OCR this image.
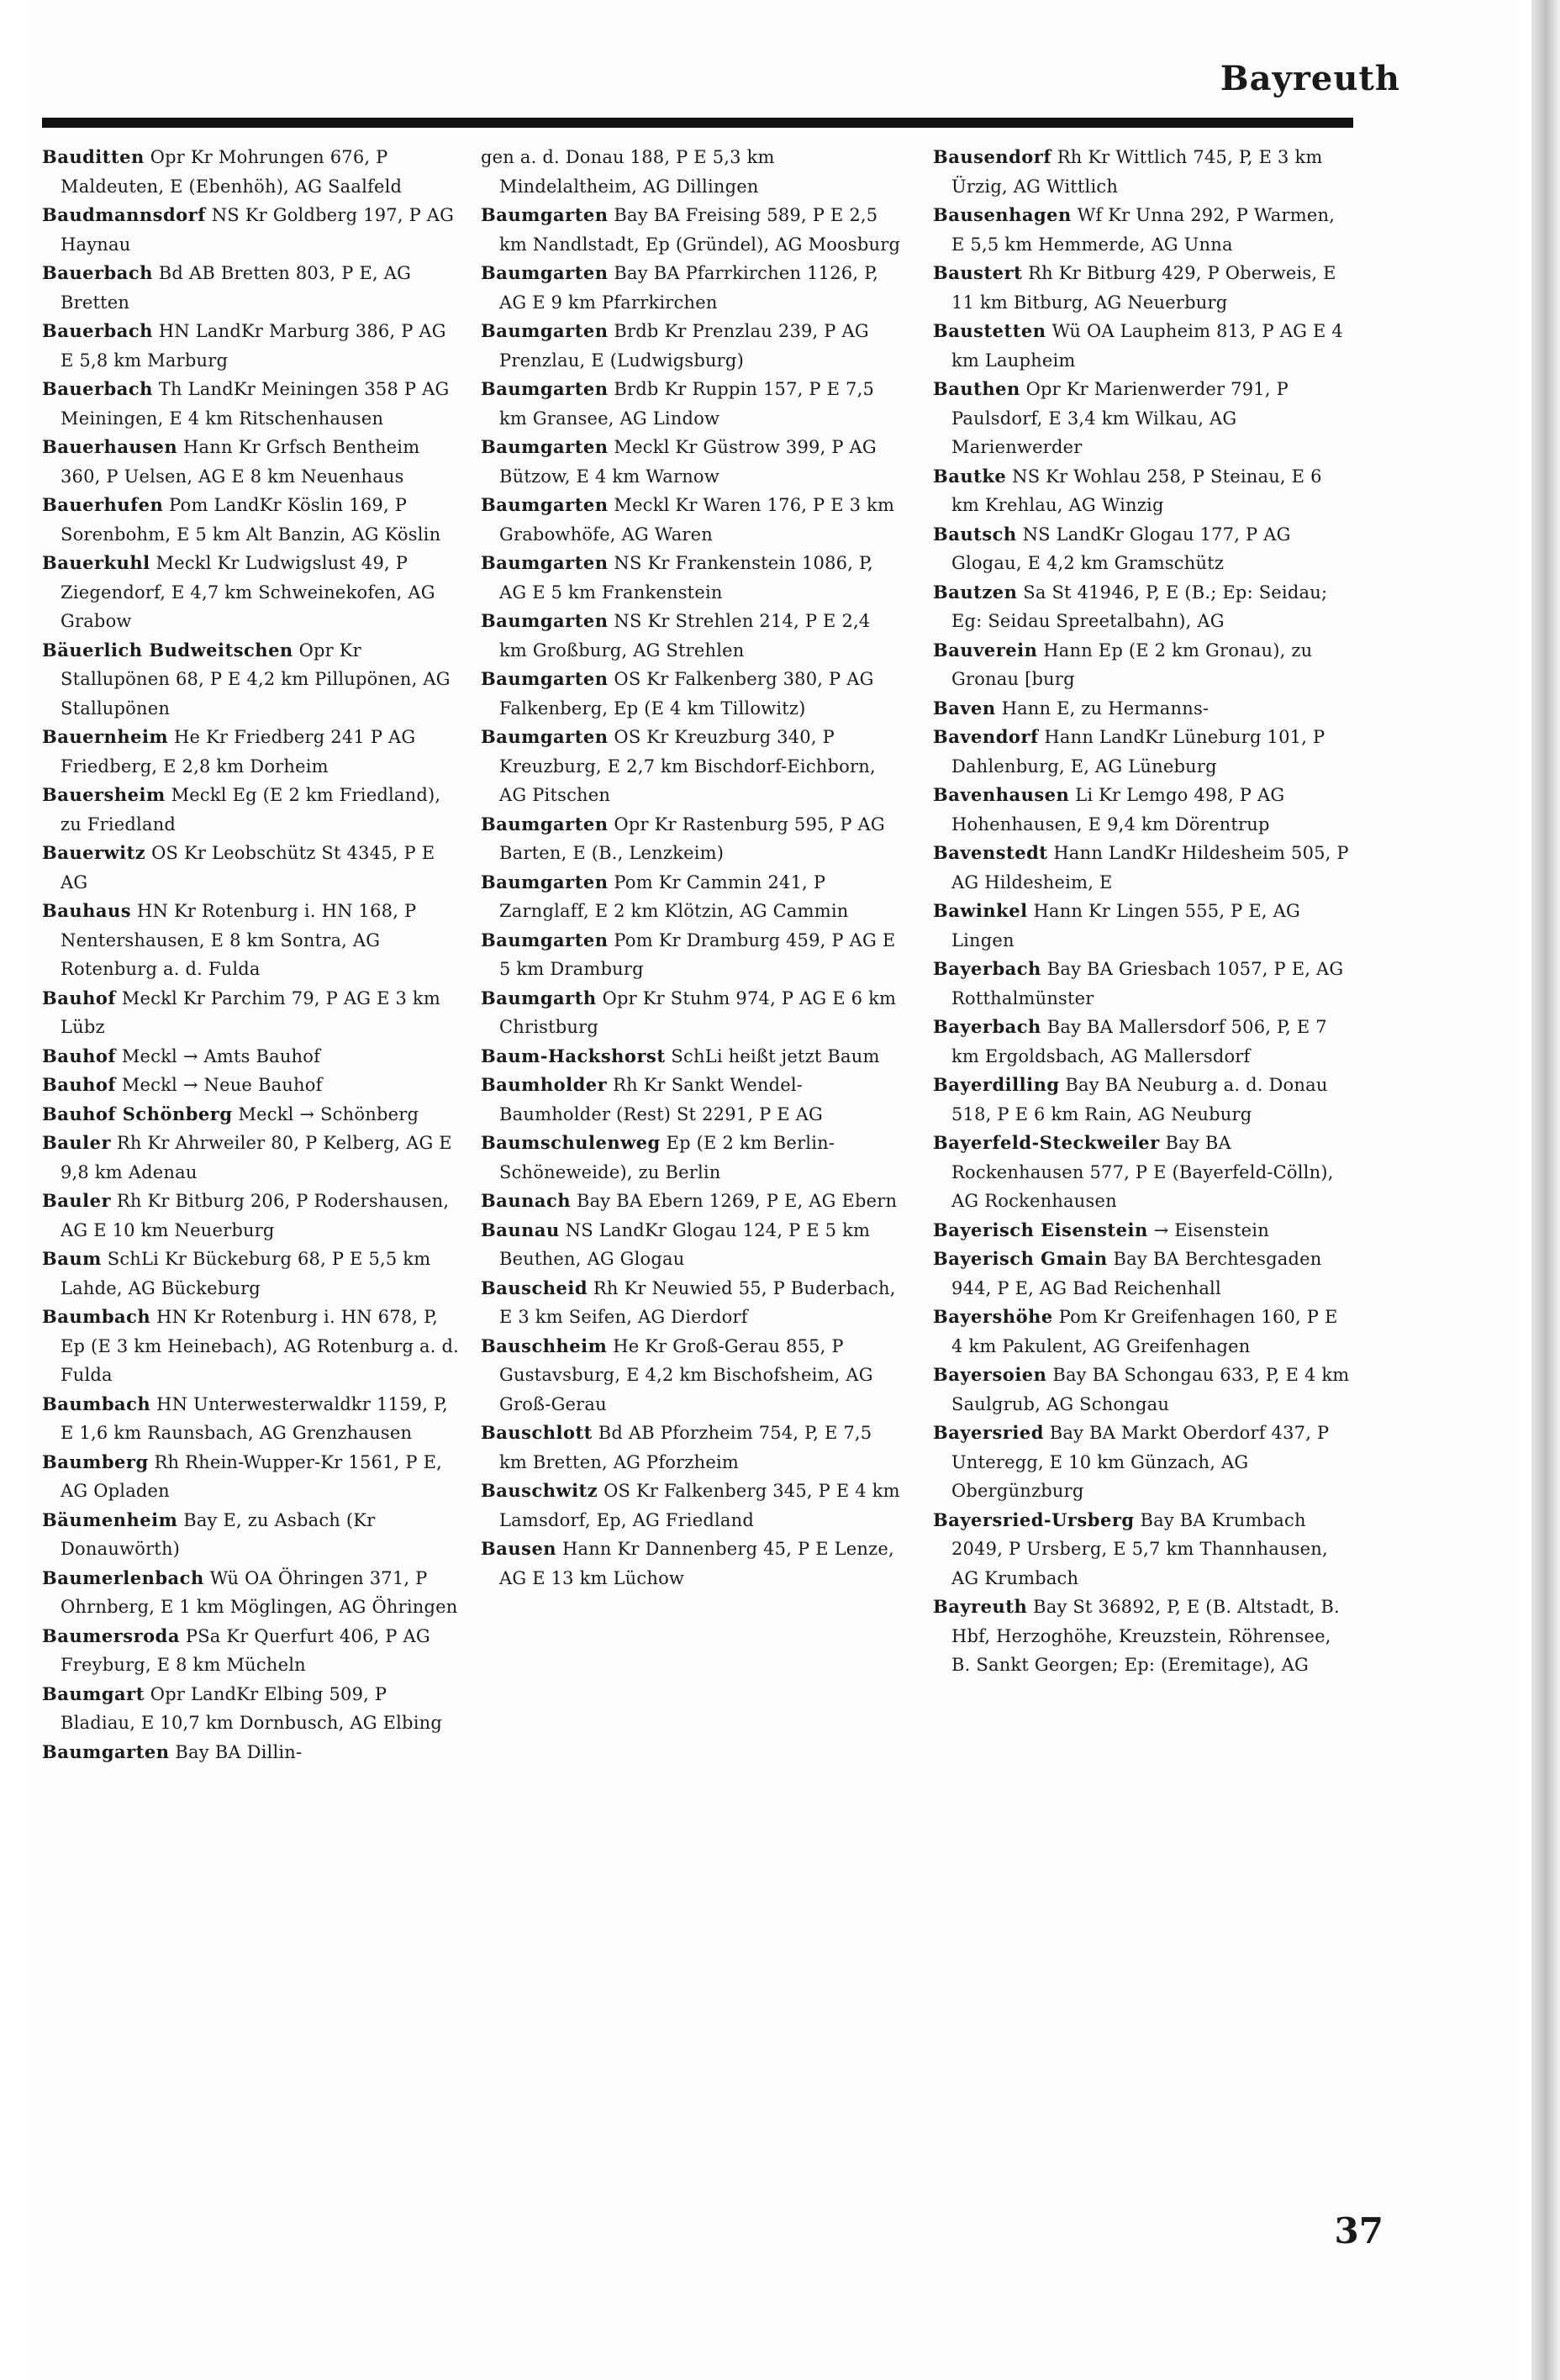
Bayreuth

Bauditten Opr Kr Mohrungen 676, P Maldeuten, E (Ebenhöh), AG Saalfeld

Baudmannsdorf NS Kr Goldberg 197, P AG Haynau

Bauerbach Bd AB Bretten 803, P E, AG Bretten

Bauerbach HN LandKr Marburg 386, P AG E 5,8 km Marburg

Bauerbach Th LandKr Meiningen 358 P AG Meiningen, E 4 km Ritschenhausen

Bauerhausen Hann Kr Grfsch Bentheim 360, P Uelsen, AG E 8 km Neuenhaus

Bauerhufen Pom LandKr Köslin 169, P Sorenbohm, E 5 km Alt Banzin, AG Köslin

Bauerkuhl Meckl Kr Ludwigslust 49, P Ziegendorf, E 4,7 km Schweinekofen, AG Grabow

Bäuerlich Budweitschen Opr Kr Stallupönen 68, P E 4,2 km Pillupönen, AG Stallupönen

Bauernheim He Kr Friedberg 241 P AG Friedberg, E 2,8 km Dorheim

Bauersheim Meckl Eg (E 2 km Friedland), zu Friedland

Bauerwitz OS Kr Leobschütz St 4345, P E AG

Bauhaus HN Kr Rotenburg i. HN 168, P Nentershausen, E 8 km Sontra, AG Rotenburg a. d. Fulda

Bauhof Meckl Kr Parchim 79, P AG E 3 km Lübz

Bauhof Meckl → Amts Bauhof

Bauhof Meckl → Neue Bauhof

Bauhof Schönberg Meckl → Schönberg

Bauler Rh Kr Ahrweiler 80, P Kelberg, AG E 9,8 km Adenau

Bauler Rh Kr Bitburg 206, P Rodershausen, AG E 10 km Neuerburg

Baum SchLi Kr Bückeburg 68, P E 5,5 km Lahde, AG Bückeburg

Baumbach HN Kr Rotenburg i. HN 678, P, Ep (E 3 km Heinebach), AG Rotenburg a. d. Fulda

Baumbach HN Unterwesterwaldkr 1159, P, E 1,6 km Raunsbach, AG Grenzhausen

Baumberg Rh Rhein-Wupper-Kr 1561, P E, AG Opladen

Bäumenheim Bay E, zu Asbach (Kr Donauwörth)

Baumerlenbach Wü OA Öhringen 371, P Ohrnberg, E 1 km Möglingen, AG Öhringen

Baumersroda PSa Kr Querfurt 406, P AG Freyburg, E 8 km Mücheln

Baumgart Opr LandKr Elbing 509, P Bladiau, E 10,7 km Dornbusch, AG Elbing

Baumgarten Bay BA Dillin-

gen a. d. Donau 188, P E 5,3 km Mindelaltheim, AG Dillingen

Baumgarten Bay BA Freising 589, P E 2,5 km Nandlstadt, Ep (Gründel), AG Moosburg

Baumgarten Bay BA Pfarrkirchen 1126, P, AG E 9 km Pfarrkirchen

Baumgarten Brdb Kr Prenzlau 239, P AG Prenzlau, E (Ludwigsburg)

Baumgarten Brdb Kr Ruppin 157, P E 7,5 km Gransee, AG Lindow

Baumgarten Meckl Kr Güstrow 399, P AG Bützow, E 4 km Warnow

Baumgarten Meckl Kr Waren 176, P E 3 km Grabowhöfe, AG Waren

Baumgarten NS Kr Frankenstein 1086, P, AG E 5 km Frankenstein

Baumgarten NS Kr Strehlen 214, P E 2,4 km Großburg, AG Strehlen

Baumgarten OS Kr Falkenberg 380, P AG Falkenberg, Ep (E 4 km Tillowitz)

Baumgarten OS Kr Kreuzburg 340, P Kreuzburg, E 2,7 km Bischdorf-Eichborn, AG Pitschen

Baumgarten Opr Kr Rastenburg 595, P AG Barten, E (B., Lenzkeim)

Baumgarten Pom Kr Cammin 241, P Zarnglaff, E 2 km Klötzin, AG Cammin

Baumgarten Pom Kr Dramburg 459, P AG E 5 km Dramburg

Baumgarth Opr Kr Stuhm 974, P AG E 6 km Christburg

Baum-Hackshorst SchLi heißt jetzt Baum

Baumholder Rh Kr Sankt Wendel-Baumholder (Rest) St 2291, P E AG

Baumschulenweg Ep (E 2 km Berlin-Schöneweide), zu Berlin

Baunach Bay BA Ebern 1269, P E, AG Ebern

Baunau NS LandKr Glogau 124, P E 5 km Beuthen, AG Glogau

Bauscheid Rh Kr Neuwied 55, P Buderbach, E 3 km Seifen, AG Dierdorf

Bauschheim He Kr Groß-Gerau 855, P Gustavsburg, E 4,2 km Bischofsheim, AG Groß-Gerau

Bauschlott Bd AB Pforzheim 754, P, E 7,5 km Bretten, AG Pforzheim

Bauschwitz OS Kr Falkenberg 345, P E 4 km Lamsdorf, Ep, AG Friedland

Bausen Hann Kr Dannenberg 45, P E Lenze, AG E 13 km Lüchow

Bausendorf Rh Kr Wittlich 745, P, E 3 km Ürzig, AG Wittlich

Bausenhagen Wf Kr Unna 292, P Warmen, E 5,5 km Hemmerde, AG Unna

Baustert Rh Kr Bitburg 429, P Oberweis, E 11 km Bitburg, AG Neuerburg

Baustetten Wü OA Laupheim 813, P AG E 4 km Laupheim

Bauthen Opr Kr Marienwerder 791, P Paulsdorf, E 3,4 km Wilkau, AG Marienwerder

Bautke NS Kr Wohlau 258, P Steinau, E 6 km Krehlau, AG Winzig

Bautsch NS LandKr Glogau 177, P AG Glogau, E 4,2 km Gramschütz

Bautzen Sa St 41946, P, E (B.; Ep: Seidau; Eg: Seidau Spreetalbahn), AG

Bauverein Hann Ep (E 2 km Gronau), zu Gronau [burg

Baven Hann E, zu Hermanns-

Bavendorf Hann LandKr Lüneburg 101, P Dahlenburg, E, AG Lüneburg

Bavenhausen Li Kr Lemgo 498, P AG Hohenhausen, E 9,4 km Dörentrup

Bavenstedt Hann LandKr Hildesheim 505, P AG Hildesheim, E

Bawinkel Hann Kr Lingen 555, P E, AG Lingen

Bayerbach Bay BA Griesbach 1057, P E, AG Rotthalmünster

Bayerbach Bay BA Mallersdorf 506, P, E 7 km Ergoldsbach, AG Mallersdorf

Bayerdilling Bay BA Neuburg a. d. Donau 518, P E 6 km Rain, AG Neuburg

Bayerfeld-Steckweiler Bay BA Rockenhausen 577, P E (Bayerfeld-Cölln), AG Rockenhausen

Bayerisch Eisenstein → Eisenstein

Bayerisch Gmain Bay BA Berchtesgaden 944, P E, AG Bad Reichenhall

Bayershöhe Pom Kr Greifenhagen 160, P E 4 km Pakulent, AG Greifenhagen

Bayersoien Bay BA Schongau 633, P, E 4 km Saulgrub, AG Schongau

Bayersried Bay BA Markt Oberdorf 437, P Unteregg, E 10 km Günzach, AG Obergünzburg

Bayersried-Ursberg Bay BA Krumbach 2049, P Ursberg, E 5,7 km Thannhausen, AG Krumbach

Bayreuth Bay St 36892, P, E (B. Altstadt, B. Hbf, Herzoghöhe, Kreuzstein, Röhrensee, B. Sankt Georgen; Ep: (Eremitage), AG

37
